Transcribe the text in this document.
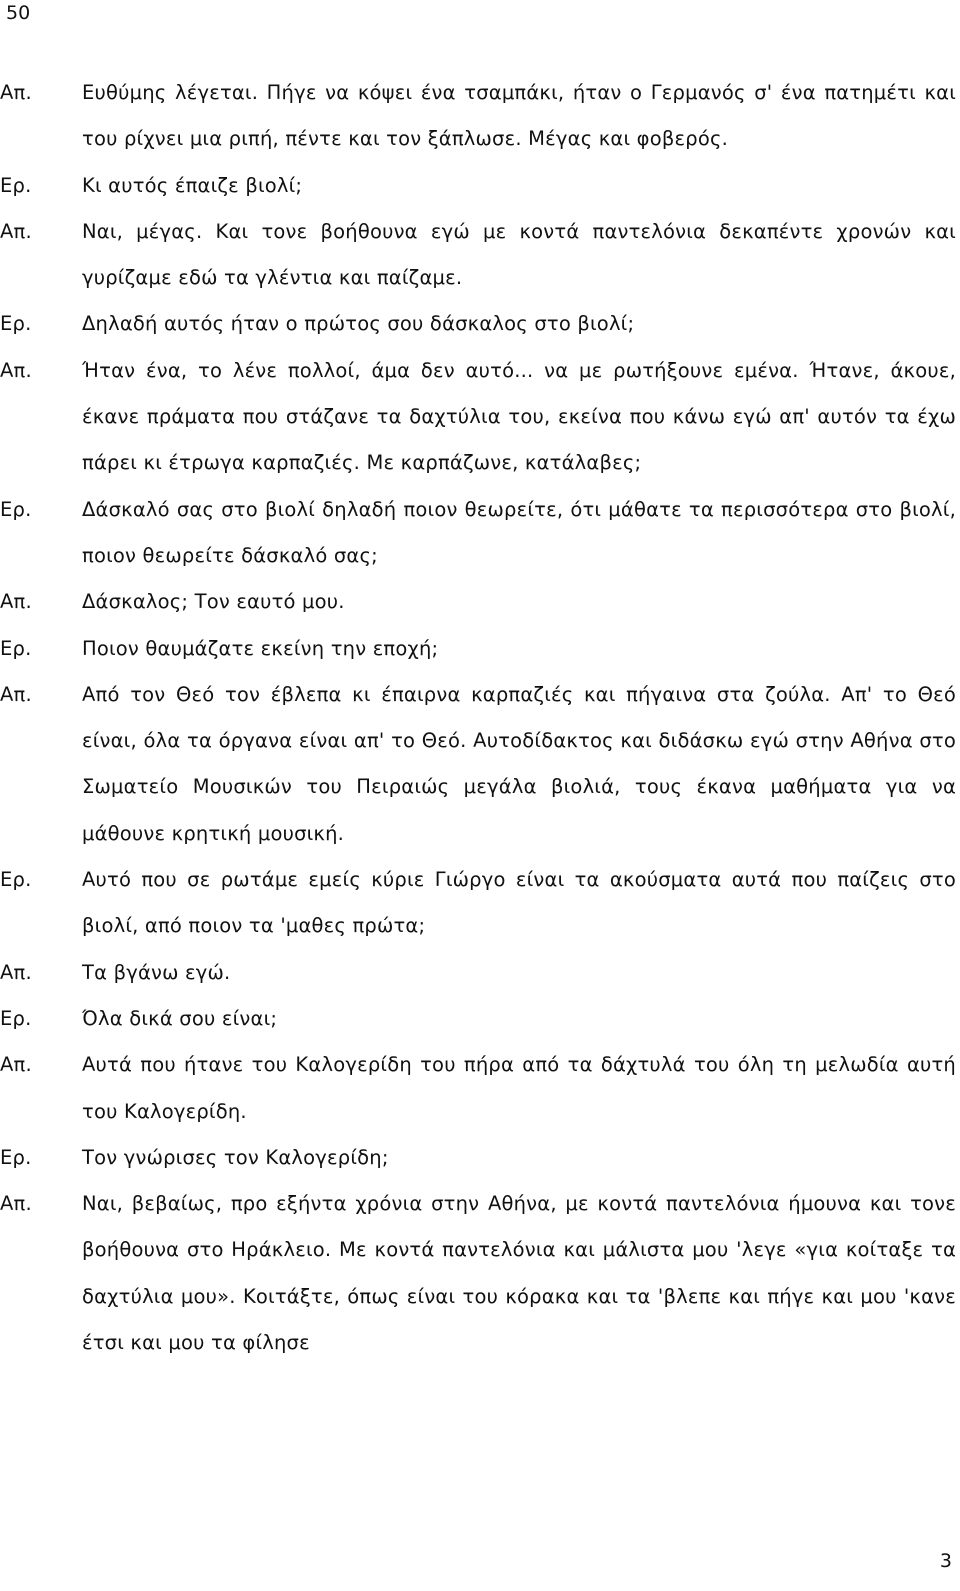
50
Απ.	Ευθύμης λέγεται. Πήγε να κόψει ένα τσαμπάκι, ήταν ο Γερμανός σ' ένα πατημέτι και του ρίχνει μια ριπή, πέντε και τον ξάπλωσε. Μέγας και φοβερός.
Ερ.	Κι αυτός έπαιζε βιολί;
Απ.	Ναι, μέγας. Και τονε βοήθουνα εγώ με κοντά παντελόνια δεκαπέντε χρονών και γυρίζαμε εδώ τα γλέντια και παίζαμε.
Ερ.	Δηλαδή αυτός ήταν ο πρώτος σου δάσκαλος στο βιολί;
Απ.	Ήταν ένα, το λένε πολλοί, άμα δεν αυτό... να με ρωτήξουνε εμένα. Ήτανε, άκουε, έκανε πράματα που στάζανε τα δαχτύλια του, εκείνα που κάνω εγώ απ' αυτόν τα έχω πάρει κι έτρωγα καρπαζιές. Με καρπάζωνε, κατάλαβες;
Ερ.	Δάσκαλό σας στο βιολί δηλαδή ποιον θεωρείτε, ότι μάθατε τα περισσότερα στο βιολί, ποιον θεωρείτε δάσκαλό σας;
Απ.	Δάσκαλος; Τον εαυτό μου.
Ερ.	Ποιον θαυμάζατε εκείνη την εποχή;
Απ.	Από τον Θεό τον έβλεπα κι έπαιρνα καρπαζιές και πήγαινα στα ζούλα. Απ' το Θεό είναι, όλα τα όργανα είναι απ' το Θεό. Αυτοδίδακτος και διδάσκω εγώ στην Αθήνα στο Σωματείο Μουσικών του Πειραιώς μεγάλα βιολιά, τους έκανα μαθήματα για να μάθουνε κρητική μουσική.
Ερ.	Αυτό που σε ρωτάμε εμείς κύριε Γιώργο είναι τα ακούσματα αυτά που παίζεις στο βιολί, από ποιον τα 'μαθες πρώτα;
Απ.	Τα βγάνω εγώ.
Ερ.	Όλα δικά σου είναι;
Απ.	Αυτά που ήτανε του Καλογερίδη του πήρα από τα δάχτυλά του όλη τη μελωδία αυτή του Καλογερίδη.
Ερ.	Τον γνώρισες τον Καλογερίδη;
Απ.	Ναι, βεβαίως, προ εξήντα χρόνια στην Αθήνα, με κοντά παντελόνια ήμουνα και τονε βοήθουνα στο Ηράκλειο. Με κοντά παντελόνια και μάλιστα μου 'λεγε «για κοίταξε τα δαχτύλια μου». Κοιτάξτε, όπως είναι του κόρακα και τα 'βλεπε και πήγε και μου 'κανε έτσι και μου τα φίλησε
3
